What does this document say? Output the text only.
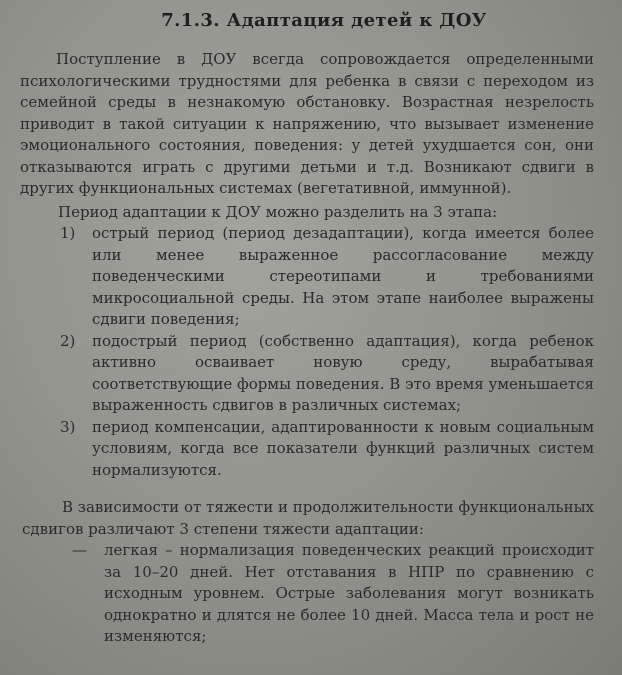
7.1.3. Адаптация детей к ДОУ

Поступление в ДОУ всегда сопровождается определенными психологическими трудностями для ребенка в связи с переходом из семейной среды в незнакомую обстановку. Возрастная незрелость приводит в такой ситуации к напряжению, что вызывает изменение эмоционального состояния, поведения: у детей ухудшается сон, они отказываются играть с другими детьми и т.д. Возникают сдвиги в других функциональных системах (вегетативной, иммунной).

Период адаптации к ДОУ можно разделить на 3 этапа:
1)	острый период (период дезадаптации), когда имеется более или менее выраженное рассогласование между поведенческими стереотипами и требованиями микросоциальной среды. На этом этапе наиболее выражены сдвиги поведения;
2)	подострый период (собственно адаптация), когда ребенок активно осваивает новую среду, вырабатывая соответствующие формы поведения. В это время уменьшается выраженность сдвигов в различных системах;
3)	период компенсации, адаптированности к новым социальным условиям, когда все показатели функций различных систем нормализуются.

В зависимости от тяжести и продолжительности функциональных сдвигов различают 3 степени тяжести адаптации:

—	легкая – нормализация поведенческих реакций происходит за 10–20 дней. Нет отставания в НПР по сравнению с исходным уровнем. Острые заболевания могут возникать однократно и длятся не более 10 дней. Масса тела и рост не изменяются;
